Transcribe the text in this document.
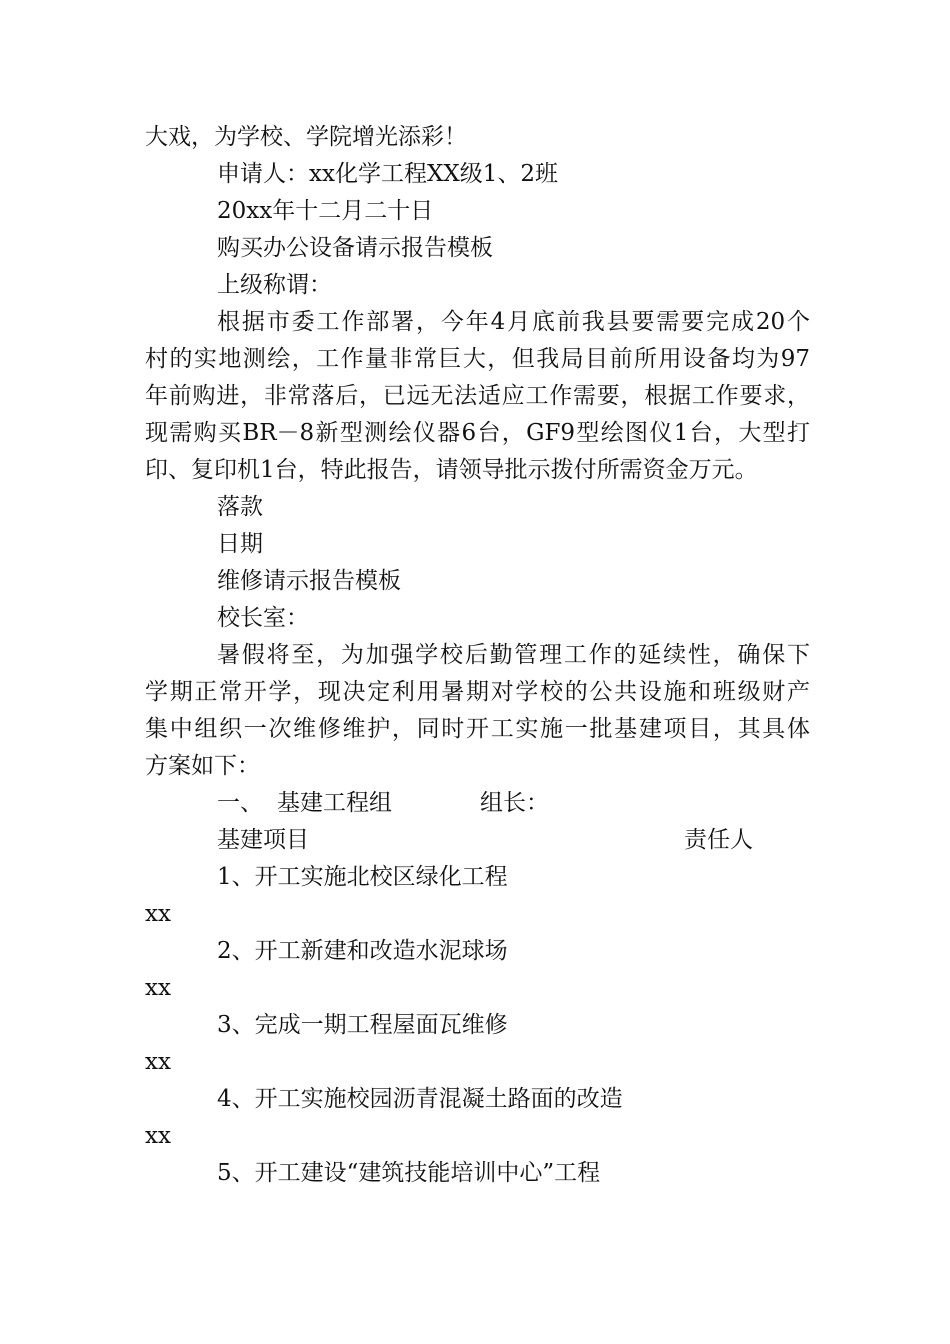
大戏，为学校、学院增光添彩！
申请人：xx化学工程XX级1、2班
20xx年十二月二十日
购买办公设备请示报告模板
上级称谓：
根据市委工作部署，今年4月底前我县要需要完成20个
村的实地测绘，工作量非常巨大，但我局目前所用设备均为97
年前购进，非常落后，已远无法适应工作需要，根据工作要求，
现需购买BR－8新型测绘仪器6台，GF9型绘图仪1台，大型打
印、复印机1台，特此报告，请领导批示拨付所需资金万元。
落款
日期
维修请示报告模板
校长室：
暑假将至，为加强学校后勤管理工作的延续性，确保下
学期正常开学，现决定利用暑期对学校的公共设施和班级财产
集中组织一次维修维护，同时开工实施一批基建项目，其具体
方案如下：
一、 基建工程组	组长：
基建项目	责任人
1、开工实施北校区绿化工程
xx
2、开工新建和改造水泥球场
xx
3、完成一期工程屋面瓦维修
xx
4、开工实施校园沥青混凝土路面的改造
xx
5、开工建设“建筑技能培训中心”工程
